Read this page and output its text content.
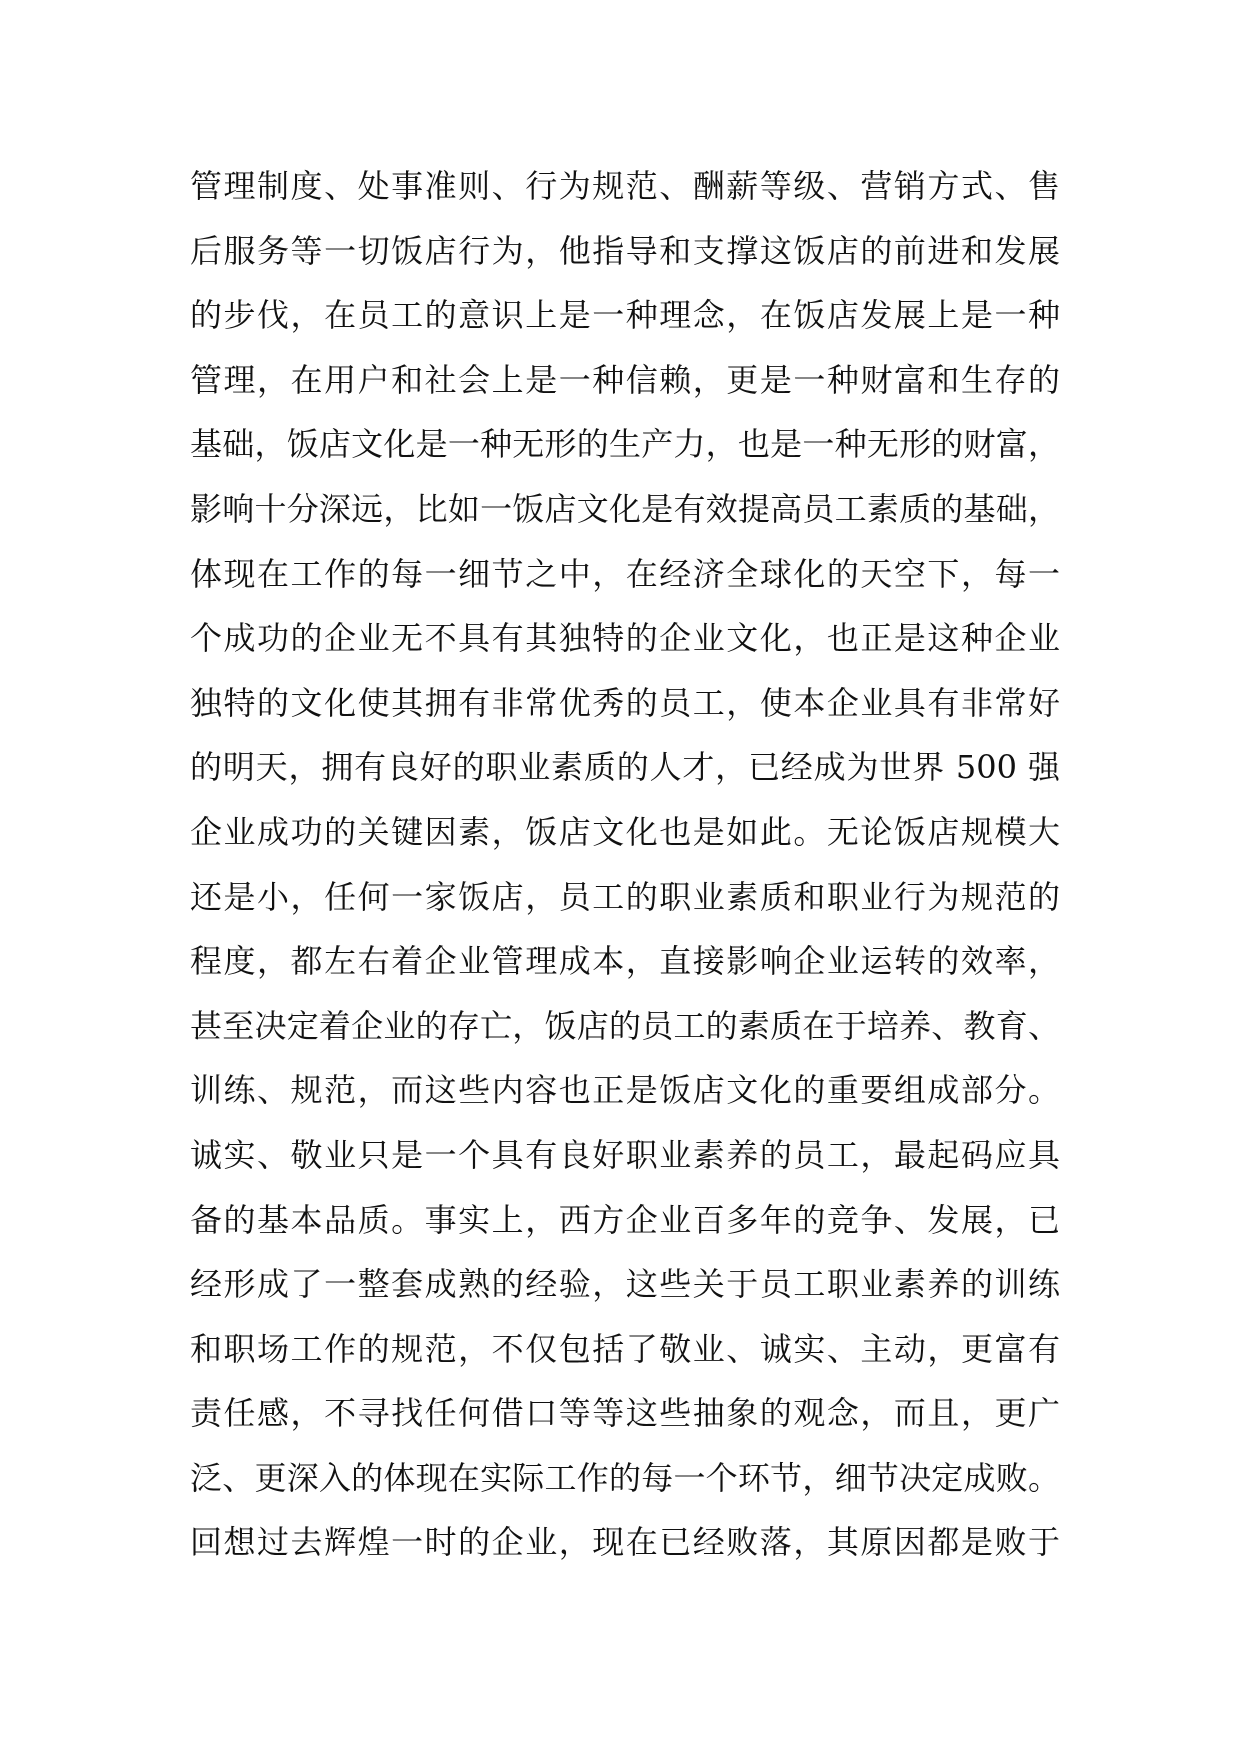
管理制度、处事准则、行为规范、酬薪等级、营销方式、售
后服务等一切饭店行为，他指导和支撑这饭店的前进和发展
的步伐，在员工的意识上是一种理念，在饭店发展上是一种
管理，在用户和社会上是一种信赖，更是一种财富和生存的
基础，饭店文化是一种无形的生产力，也是一种无形的财富，
影响十分深远，比如一饭店文化是有效提高员工素质的基础，
体现在工作的每一细节之中，在经济全球化的天空下，每一
个成功的企业无不具有其独特的企业文化，也正是这种企业
独特的文化使其拥有非常优秀的员工，使本企业具有非常好
的明天，拥有良好的职业素质的人才，已经成为世界 500 强
企业成功的关键因素，饭店文化也是如此。无论饭店规模大
还是小，任何一家饭店，员工的职业素质和职业行为规范的
程度，都左右着企业管理成本，直接影响企业运转的效率，
甚至决定着企业的存亡，饭店的员工的素质在于培养、教育、
训练、规范，而这些内容也正是饭店文化的重要组成部分。
诚实、敬业只是一个具有良好职业素养的员工，最起码应具
备的基本品质。事实上，西方企业百多年的竞争、发展，已
经形成了一整套成熟的经验，这些关于员工职业素养的训练
和职场工作的规范，不仅包括了敬业、诚实、主动，更富有
责任感，不寻找任何借口等等这些抽象的观念，而且，更广
泛、更深入的体现在实际工作的每一个环节，细节决定成败。
回想过去辉煌一时的企业，现在已经败落，其原因都是败于
